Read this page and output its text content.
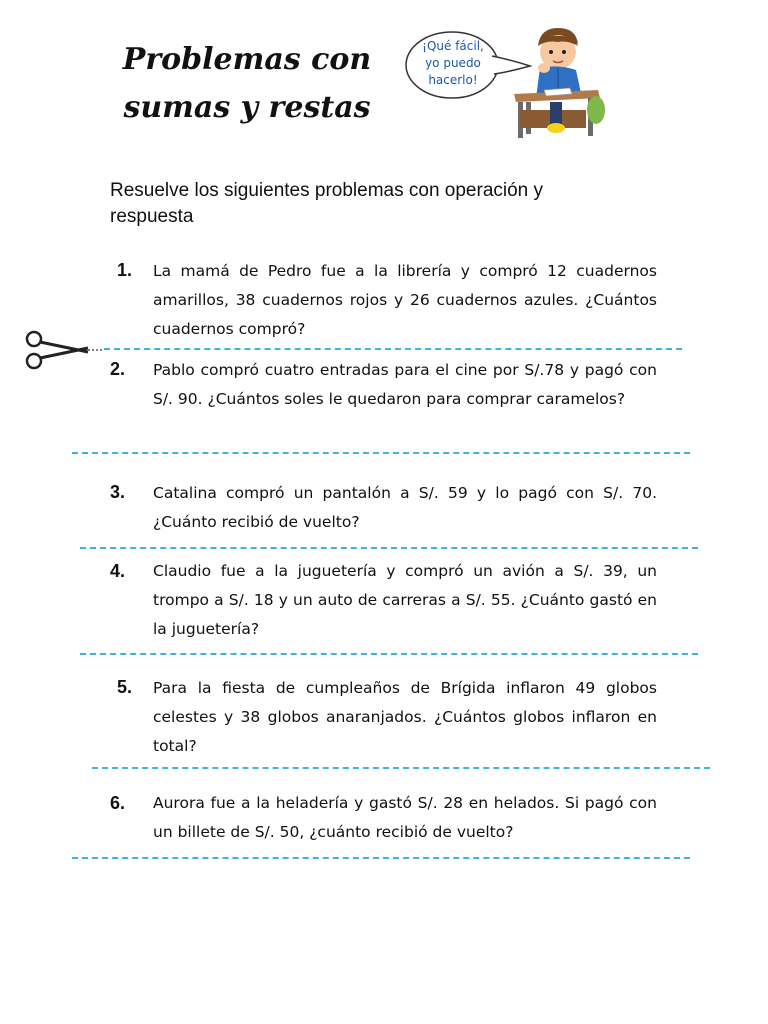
Problemas con
sumas y restas
¡Qué fácil,
yo puedo
hacerlo!
Resuelve los siguientes problemas con operación y respuesta
1. La mamá de Pedro fue a la librería y compró 12 cuadernos amarillos, 38 cuadernos rojos y 26 cuadernos azules. ¿Cuántos cuadernos compró?
2. Pablo compró cuatro entradas para el cine por S/.78 y pagó con S/. 90. ¿Cuántos soles le quedaron para comprar caramelos?
3. Catalina compró un pantalón a S/. 59 y lo pagó con S/. 70. ¿Cuánto recibió de vuelto?
4. Claudio fue a la juguetería y compró un avión a S/. 39, un trompo a S/. 18 y un auto de carreras a S/. 55. ¿Cuánto gastó en la juguetería?
5. Para la fiesta de cumpleaños de Brígida inflaron 49 globos celestes y 38 globos anaranjados. ¿Cuántos globos inflaron en total?
6. Aurora fue a la heladería y gastó S/. 28 en helados. Si pagó con un billete de S/. 50, ¿cuánto recibió de vuelto?
